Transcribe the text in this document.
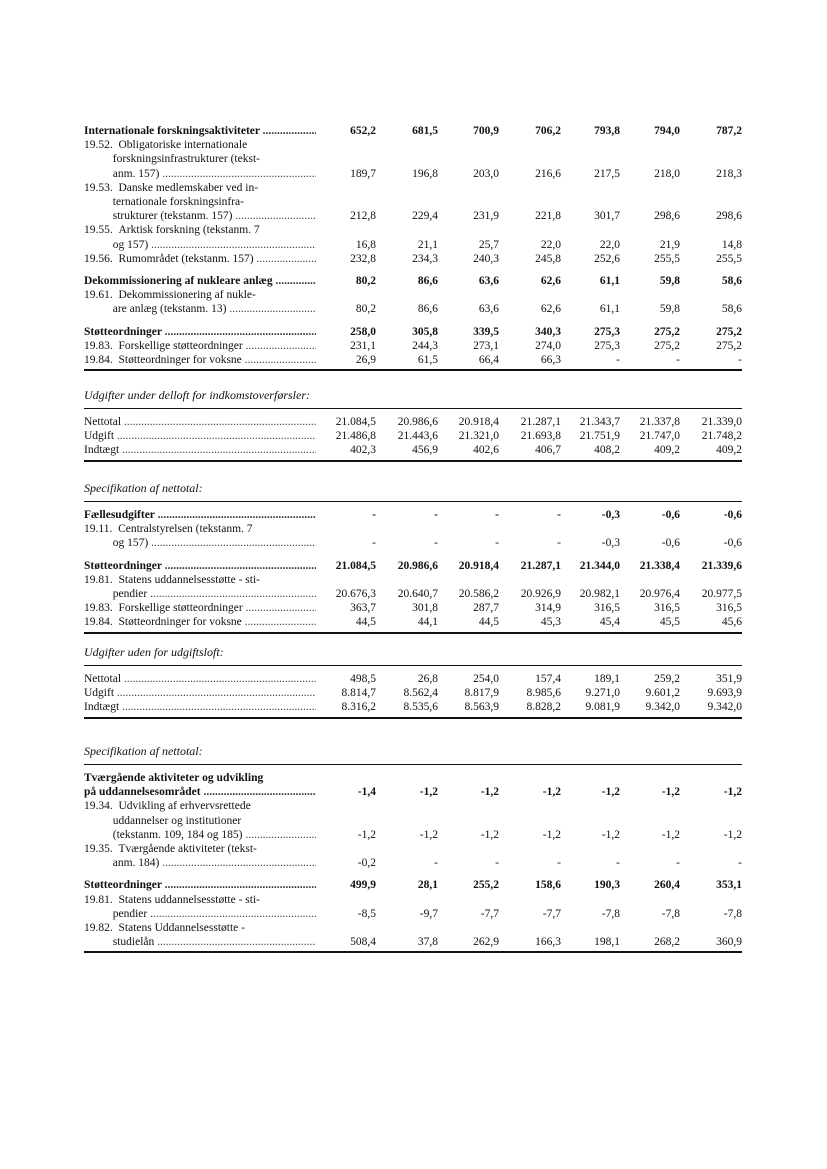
Internationale forskningsaktiviteter .....	652,2	681,5	700,9	706,2	793,8	794,0	787,2
19.52.  Obligatoriske internationale
forskningsinfrastrukturer (tekst-
anm. 157) .....	189,7	196,8	203,0	216,6	217,5	218,0	218,3
19.53.  Danske medlemskaber ved in-
ternationale forskningsinfra-
strukturer (tekstanm. 157) .....	212,8	229,4	231,9	221,8	301,7	298,6	298,6
19.55.  Arktisk forskning (tekstanm. 7
og 157) .....	16,8	21,1	25,7	22,0	22,0	21,9	14,8
19.56.  Rumområdet (tekstanm. 157) .....	232,8	234,3	240,3	245,8	252,6	255,5	255,5
Dekommissionering af nukleare anlæg .....	80,2	86,6	63,6	62,6	61,1	59,8	58,6
19.61.  Dekommissionering af nukle-
are anlæg (tekstanm. 13) .....	80,2	86,6	63,6	62,6	61,1	59,8	58,6
Støtteordninger .....	258,0	305,8	339,5	340,3	275,3	275,2	275,2
19.83.  Forskellige støtteordninger .....	231,1	244,3	273,1	274,0	275,3	275,2	275,2
19.84.  Støtteordninger for voksne .....	26,9	61,5	66,4	66,3	-	-	-
Udgifter under delloft for indkomstoverførsler:
Nettotal .....	21.084,5	20.986,6	20.918,4	21.287,1	21.343,7	21.337,8	21.339,0
Udgift .....	21.486,8	21.443,6	21.321,0	21.693,8	21.751,9	21.747,0	21.748,2
Indtægt .....	402,3	456,9	402,6	406,7	408,2	409,2	409,2
Specifikation af nettotal:
Fællesudgifter .....	-	-	-	-	-0,3	-0,6	-0,6
19.11.  Centralstyrelsen (tekstanm. 7
og 157) .....	-	-	-	-	-0,3	-0,6	-0,6
Støtteordninger .....	21.084,5	20.986,6	20.918,4	21.287,1	21.344,0	21.338,4	21.339,6
19.81.  Statens uddannelsesstøtte - sti-
pendier .....	20.676,3	20.640,7	20.586,2	20.926,9	20.982,1	20.976,4	20.977,5
19.83.  Forskellige støtteordninger .....	363,7	301,8	287,7	314,9	316,5	316,5	316,5
19.84.  Støtteordninger for voksne .....	44,5	44,1	44,5	45,3	45,4	45,5	45,6
Udgifter uden for udgiftsloft:
Nettotal .....	498,5	26,8	254,0	157,4	189,1	259,2	351,9
Udgift .....	8.814,7	8.562,4	8.817,9	8.985,6	9.271,0	9.601,2	9.693,9
Indtægt .....	8.316,2	8.535,6	8.563,9	8.828,2	9.081,9	9.342,0	9.342,0
Specifikation af nettotal:
Tværgående aktiviteter og udvikling
på uddannelsesområdet .....	-1,4	-1,2	-1,2	-1,2	-1,2	-1,2	-1,2
19.34.  Udvikling af erhvervsrettede
uddannelser og institutioner
(tekstanm. 109, 184 og 185) .....	-1,2	-1,2	-1,2	-1,2	-1,2	-1,2	-1,2
19.35.  Tværgående aktiviteter (tekst-
anm. 184) .....	-0,2	-	-	-	-	-	-
Støtteordninger .....	499,9	28,1	255,2	158,6	190,3	260,4	353,1
19.81.  Statens uddannelsesstøtte - sti-
pendier .....	-8,5	-9,7	-7,7	-7,7	-7,8	-7,8	-7,8
19.82.  Statens Uddannelsesstøtte -
studielån .....	508,4	37,8	262,9	166,3	198,1	268,2	360,9
